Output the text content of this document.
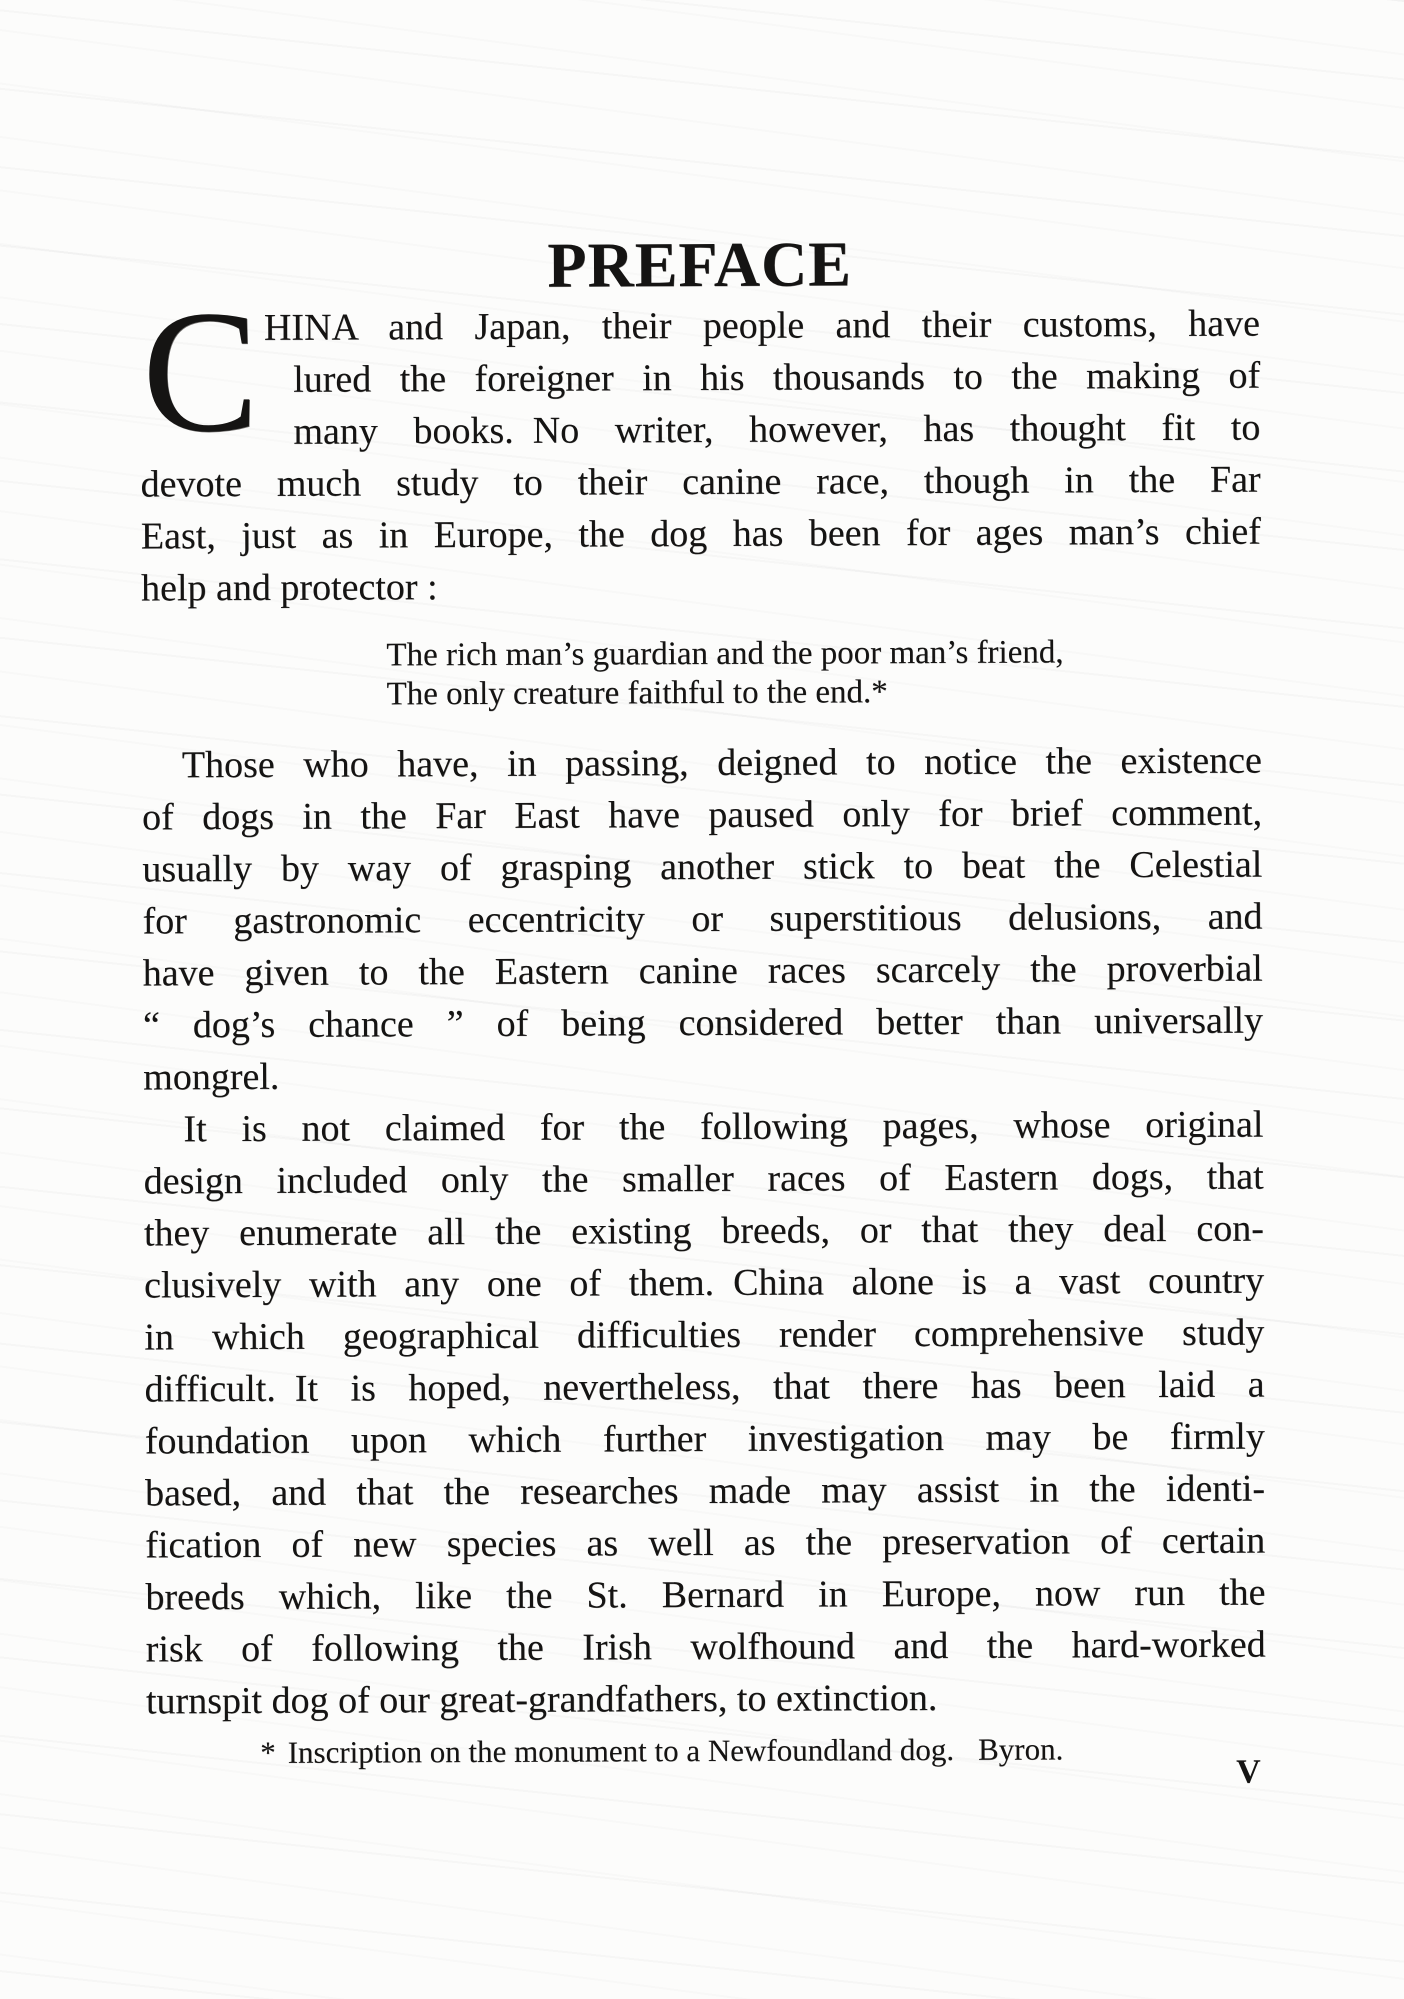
PREFACE
C HINA and Japan, their people and their customs, have
lured the foreigner in his thousands to the making of
many books. No writer, however, has thought fit to
devote much study to their canine race, though in the Far
East, just as in Europe, the dog has been for ages man’s chief
help and protector :
The rich man’s guardian and the poor man’s friend,
The only creature faithful to the end.*
Those who have, in passing, deigned to notice the existence
of dogs in the Far East have paused only for brief comment,
usually by way of grasping another stick to beat the Celestial
for gastronomic eccentricity or superstitious delusions, and
have given to the Eastern canine races scarcely the proverbial
“ dog’s chance ” of being considered better than universally
mongrel.
It is not claimed for the following pages, whose original
design included only the smaller races of Eastern dogs, that
they enumerate all the existing breeds, or that they deal con-
clusively with any one of them. China alone is a vast country
in which geographical difficulties render comprehensive study
difficult. It is hoped, nevertheless, that there has been laid a
foundation upon which further investigation may be firmly
based, and that the researches made may assist in the identi-
fication of new species as well as the preservation of certain
breeds which, like the St. Bernard in Europe, now run the
risk of following the Irish wolfhound and the hard-worked
turnspit dog of our great-grandfathers, to extinction.
* Inscription on the monument to a Newfoundland dog. Byron.
V
